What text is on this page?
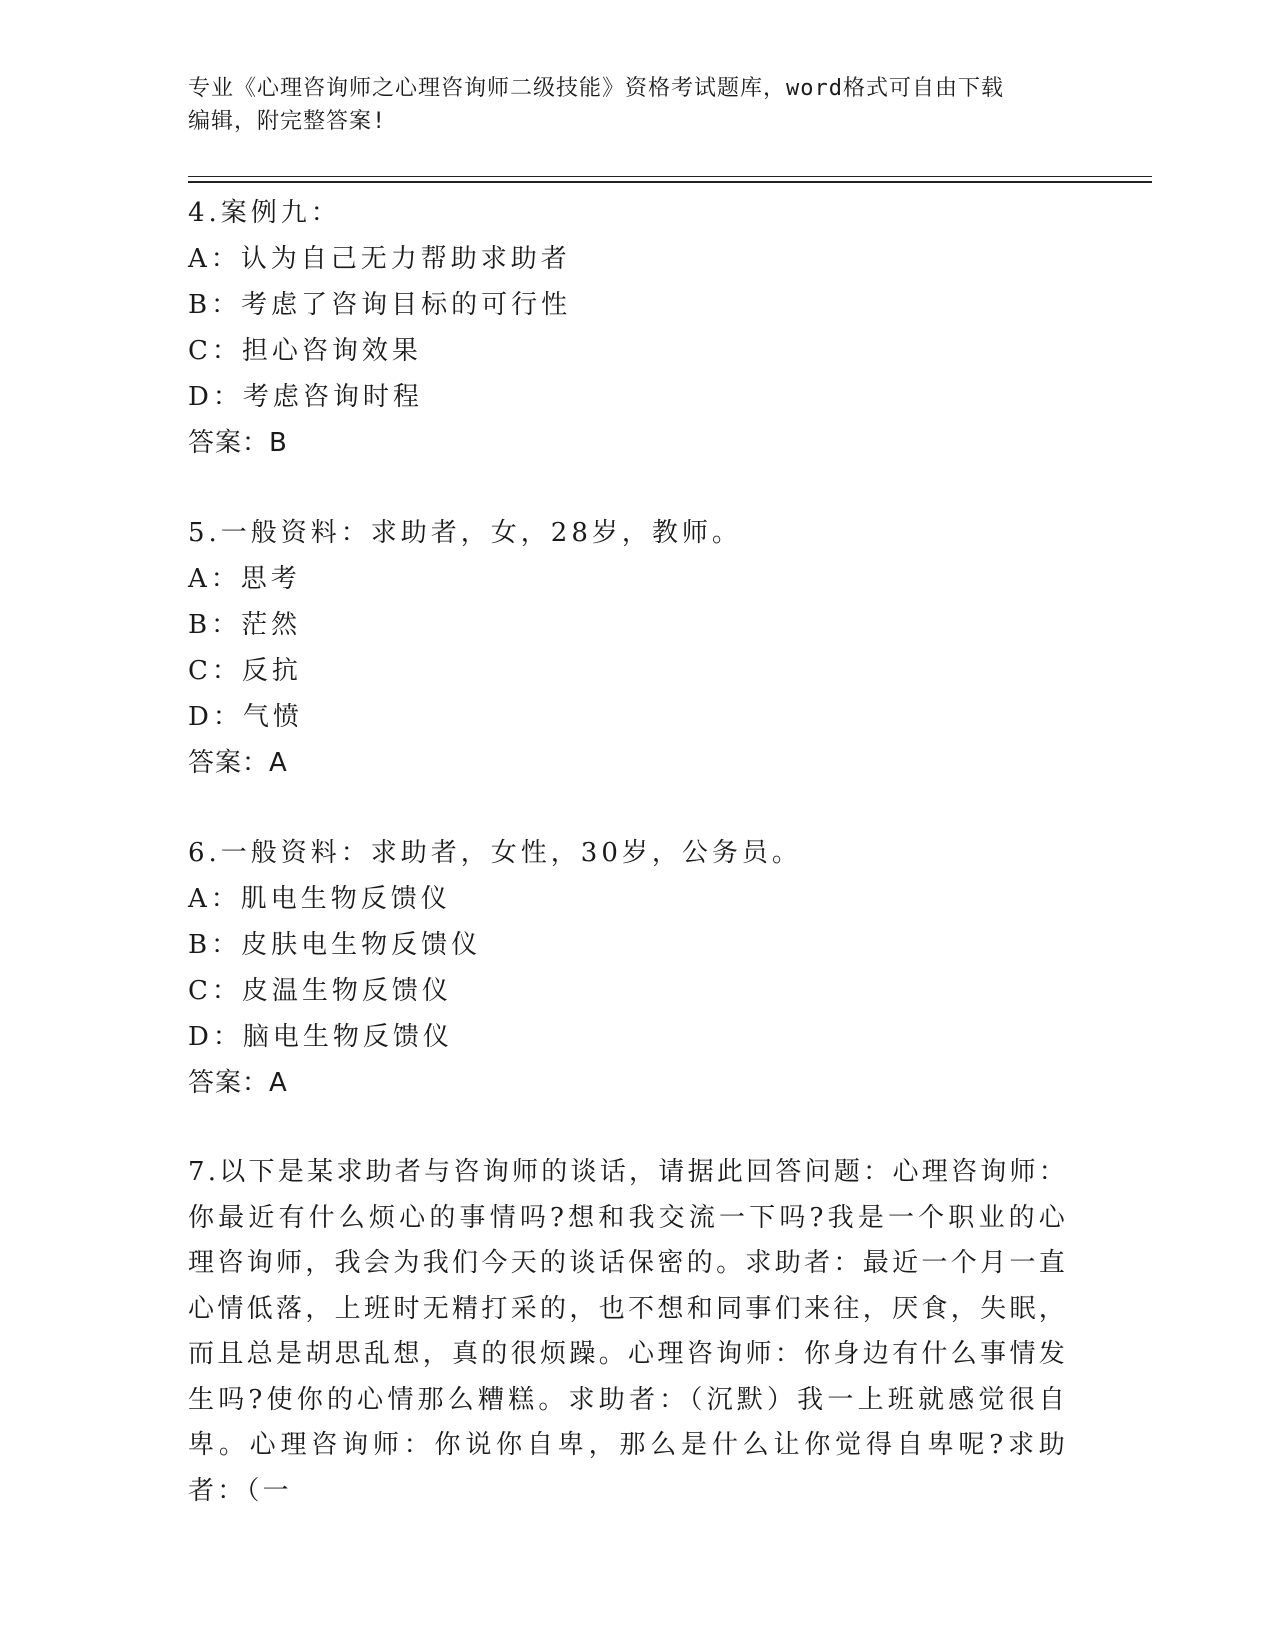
专业《心理咨询师之心理咨询师二级技能》资格考试题库，word格式可自由下载
编辑，附完整答案!
4.案例九：
A：认为自己无力帮助求助者
B：考虑了咨询目标的可行性
C：担心咨询效果
D：考虑咨询时程
答案：B
5.一般资料：求助者，女，28岁，教师。
A：思考
B：茫然
C：反抗
D：气愤
答案：A
6.一般资料：求助者，女性，30岁，公务员。
A：肌电生物反馈仪
B：皮肤电生物反馈仪
C：皮温生物反馈仪
D：脑电生物反馈仪
答案：A
7.以下是某求助者与咨询师的谈话，请据此回答问题：心理咨询师：你最近有什么烦心的事情吗?想和我交流一下吗?我是一个职业的心理咨询师，我会为我们今天的谈话保密的。求助者：最近一个月一直心情低落，上班时无精打采的，也不想和同事们来往，厌食，失眠，而且总是胡思乱想，真的很烦躁。心理咨询师：你身边有什么事情发生吗?使你的心情那么糟糕。求助者：（沉默）我一上班就感觉很自卑。心理咨询师：你说你自卑，那么是什么让你觉得自卑呢?求助者：（一
